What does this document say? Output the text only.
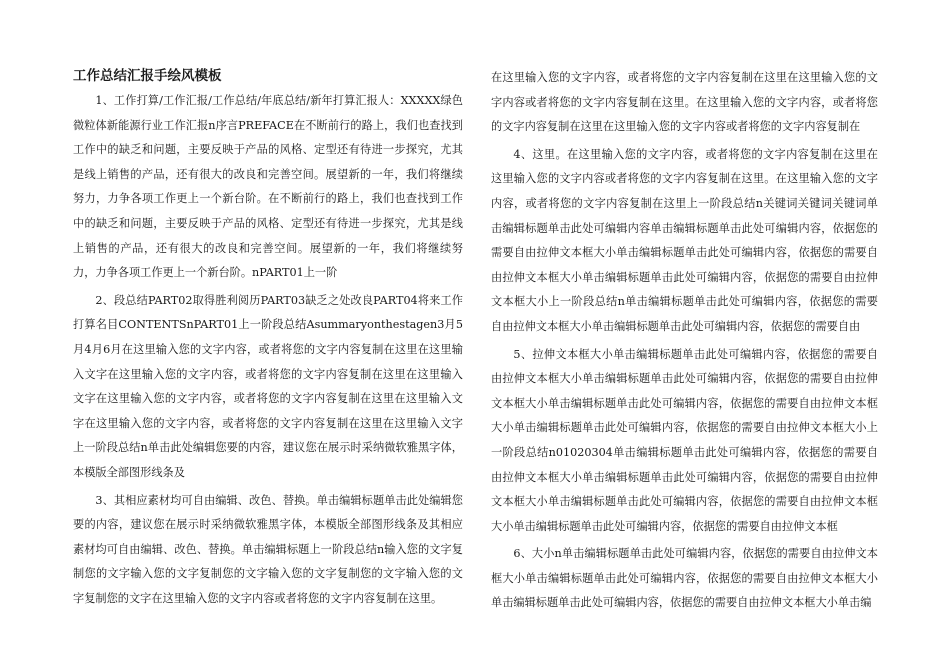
工作总结汇报手绘风模板

1、工作打算/工作汇报/工作总结/年底总结/新年打算汇报人：XXXXX绿色微粒体新能源行业工作汇报n序言PREFACE在不断前行的路上，我们也查找到工作中的缺乏和问题，主要反映于产品的风格、定型还有待进一步探究，尤其是线上销售的产品，还有很大的改良和完善空间。展望新的一年，我们将继续努力，力争各项工作更上一个新台阶。在不断前行的路上，我们也查找到工作中的缺乏和问题，主要反映于产品的风格、定型还有待进一步探究，尤其是线上销售的产品，还有很大的改良和完善空间。展望新的一年，我们将继续努力，力争各项工作更上一个新台阶。nPART01上一阶

2、段总结PART02取得胜利阅历PART03缺乏之处改良PART04将来工作打算名目CONTENTSnPART01上一阶段总结Asummaryonthestagen3月5月4月6月在这里输入您的文字内容，或者将您的文字内容复制在这里在这里输入文字在这里输入您的文字内容，或者将您的文字内容复制在这里在这里输入文字在这里输入您的文字内容，或者将您的文字内容复制在这里在这里输入文字在这里输入您的文字内容，或者将您的文字内容复制在这里在这里输入文字上一阶段总结n单击此处编辑您要的内容，建议您在展示时采纳微软雅黑字体，本模版全部图形线条及

3、其相应素材均可自由编辑、改色、替换。单击编辑标题单击此处编辑您要的内容，建议您在展示时采纳微软雅黑字体，本模版全部图形线条及其相应素材均可自由编辑、改色、替换。单击编辑标题上一阶段总结n输入您的文字复制您的文字输入您的文字复制您的文字输入您的文字复制您的文字输入您的文字复制您的文字在这里输入您的文字内容或者将您的文字内容复制在这里。

在这里输入您的文字内容，或者将您的文字内容复制在这里在这里输入您的文字内容或者将您的文字内容复制在这里。在这里输入您的文字内容，或者将您的文字内容复制在这里在这里输入您的文字内容或者将您的文字内容复制在

4、这里。在这里输入您的文字内容，或者将您的文字内容复制在这里在这里输入您的文字内容或者将您的文字内容复制在这里。在这里输入您的文字内容，或者将您的文字内容复制在这里上一阶段总结n关键词关键词关键词单击编辑标题单击此处可编辑内容单击编辑标题单击此处可编辑内容，依据您的需要自由拉伸文本框大小单击编辑标题单击此处可编辑内容，依据您的需要自由拉伸文本框大小单击编辑标题单击此处可编辑内容，依据您的需要自由拉伸文本框大小上一阶段总结n单击编辑标题单击此处可编辑内容，依据您的需要自由拉伸文本框大小单击编辑标题单击此处可编辑内容，依据您的需要自由

5、拉伸文本框大小单击编辑标题单击此处可编辑内容，依据您的需要自由拉伸文本框大小单击编辑标题单击此处可编辑内容，依据您的需要自由拉伸文本框大小单击编辑标题单击此处可编辑内容，依据您的需要自由拉伸文本框大小单击编辑标题单击此处可编辑内容，依据您的需要自由拉伸文本框大小上一阶段总结n01020304单击编辑标题单击此处可编辑内容，依据您的需要自由拉伸文本框大小单击编辑标题单击此处可编辑内容，依据您的需要自由拉伸文本框大小单击编辑标题单击此处可编辑内容，依据您的需要自由拉伸文本框大小单击编辑标题单击此处可编辑内容，依据您的需要自由拉伸文本框

6、大小n单击编辑标题单击此处可编辑内容，依据您的需要自由拉伸文本框大小单击编辑标题单击此处可编辑内容，依据您的需要自由拉伸文本框大小单击编辑标题单击此处可编辑内容，依据您的需要自由拉伸文本框大小单击编
